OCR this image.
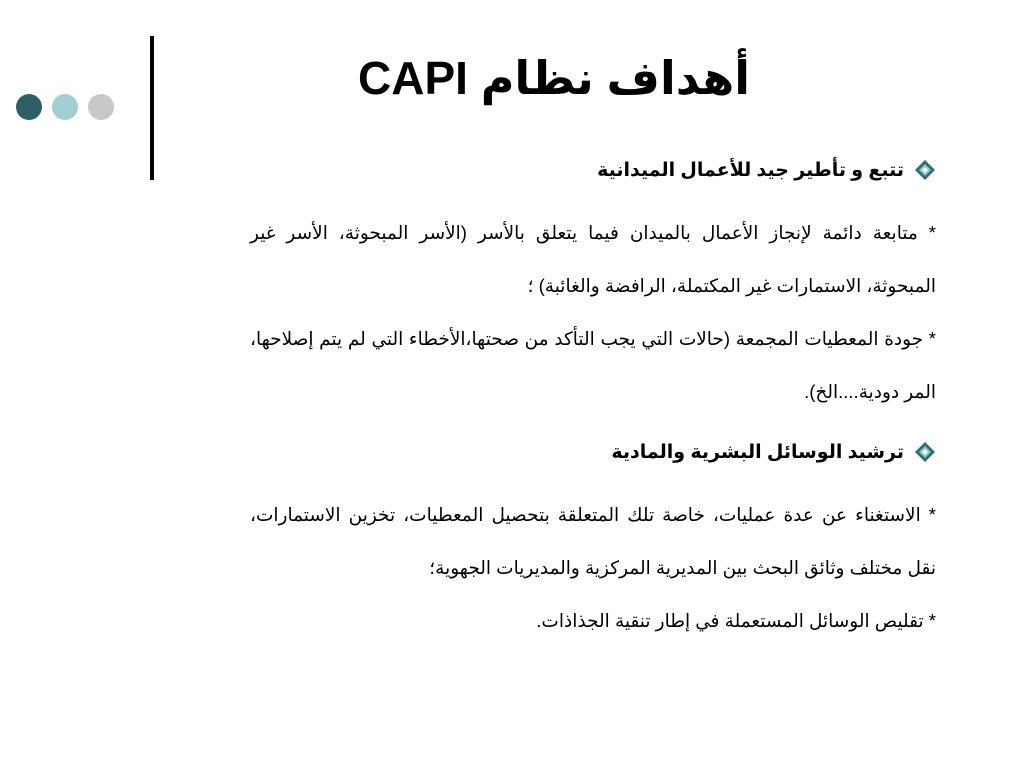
أهداف نظام CAPI
تتبع و تأطير جيد للأعمال الميدانية

* متابعة دائمة لإنجاز الأعمال بالميدان فيما يتعلق بالأسر (الأسر المبحوثة، الأسر غير المبحوثة، الاستمارات غير المكتملة، الرافضة والغائبة) ؛

* جودة المعطيات المجمعة (حالات التي يجب التأكد من صحتها،الأخطاء التي لم يتم إصلاحها، المر دودية....الخ).

ترشيد الوسائل البشرية والمادية

* الاستغناء عن عدة عمليات، خاصة تلك المتعلقة بتحصيل المعطيات، تخزين الاستمارات، نقل مختلف وثائق البحث بين المديرية المركزية والمديريات الجهوية؛

* تقليص الوسائل المستعملة في إطار تنقية الجذاذات.
